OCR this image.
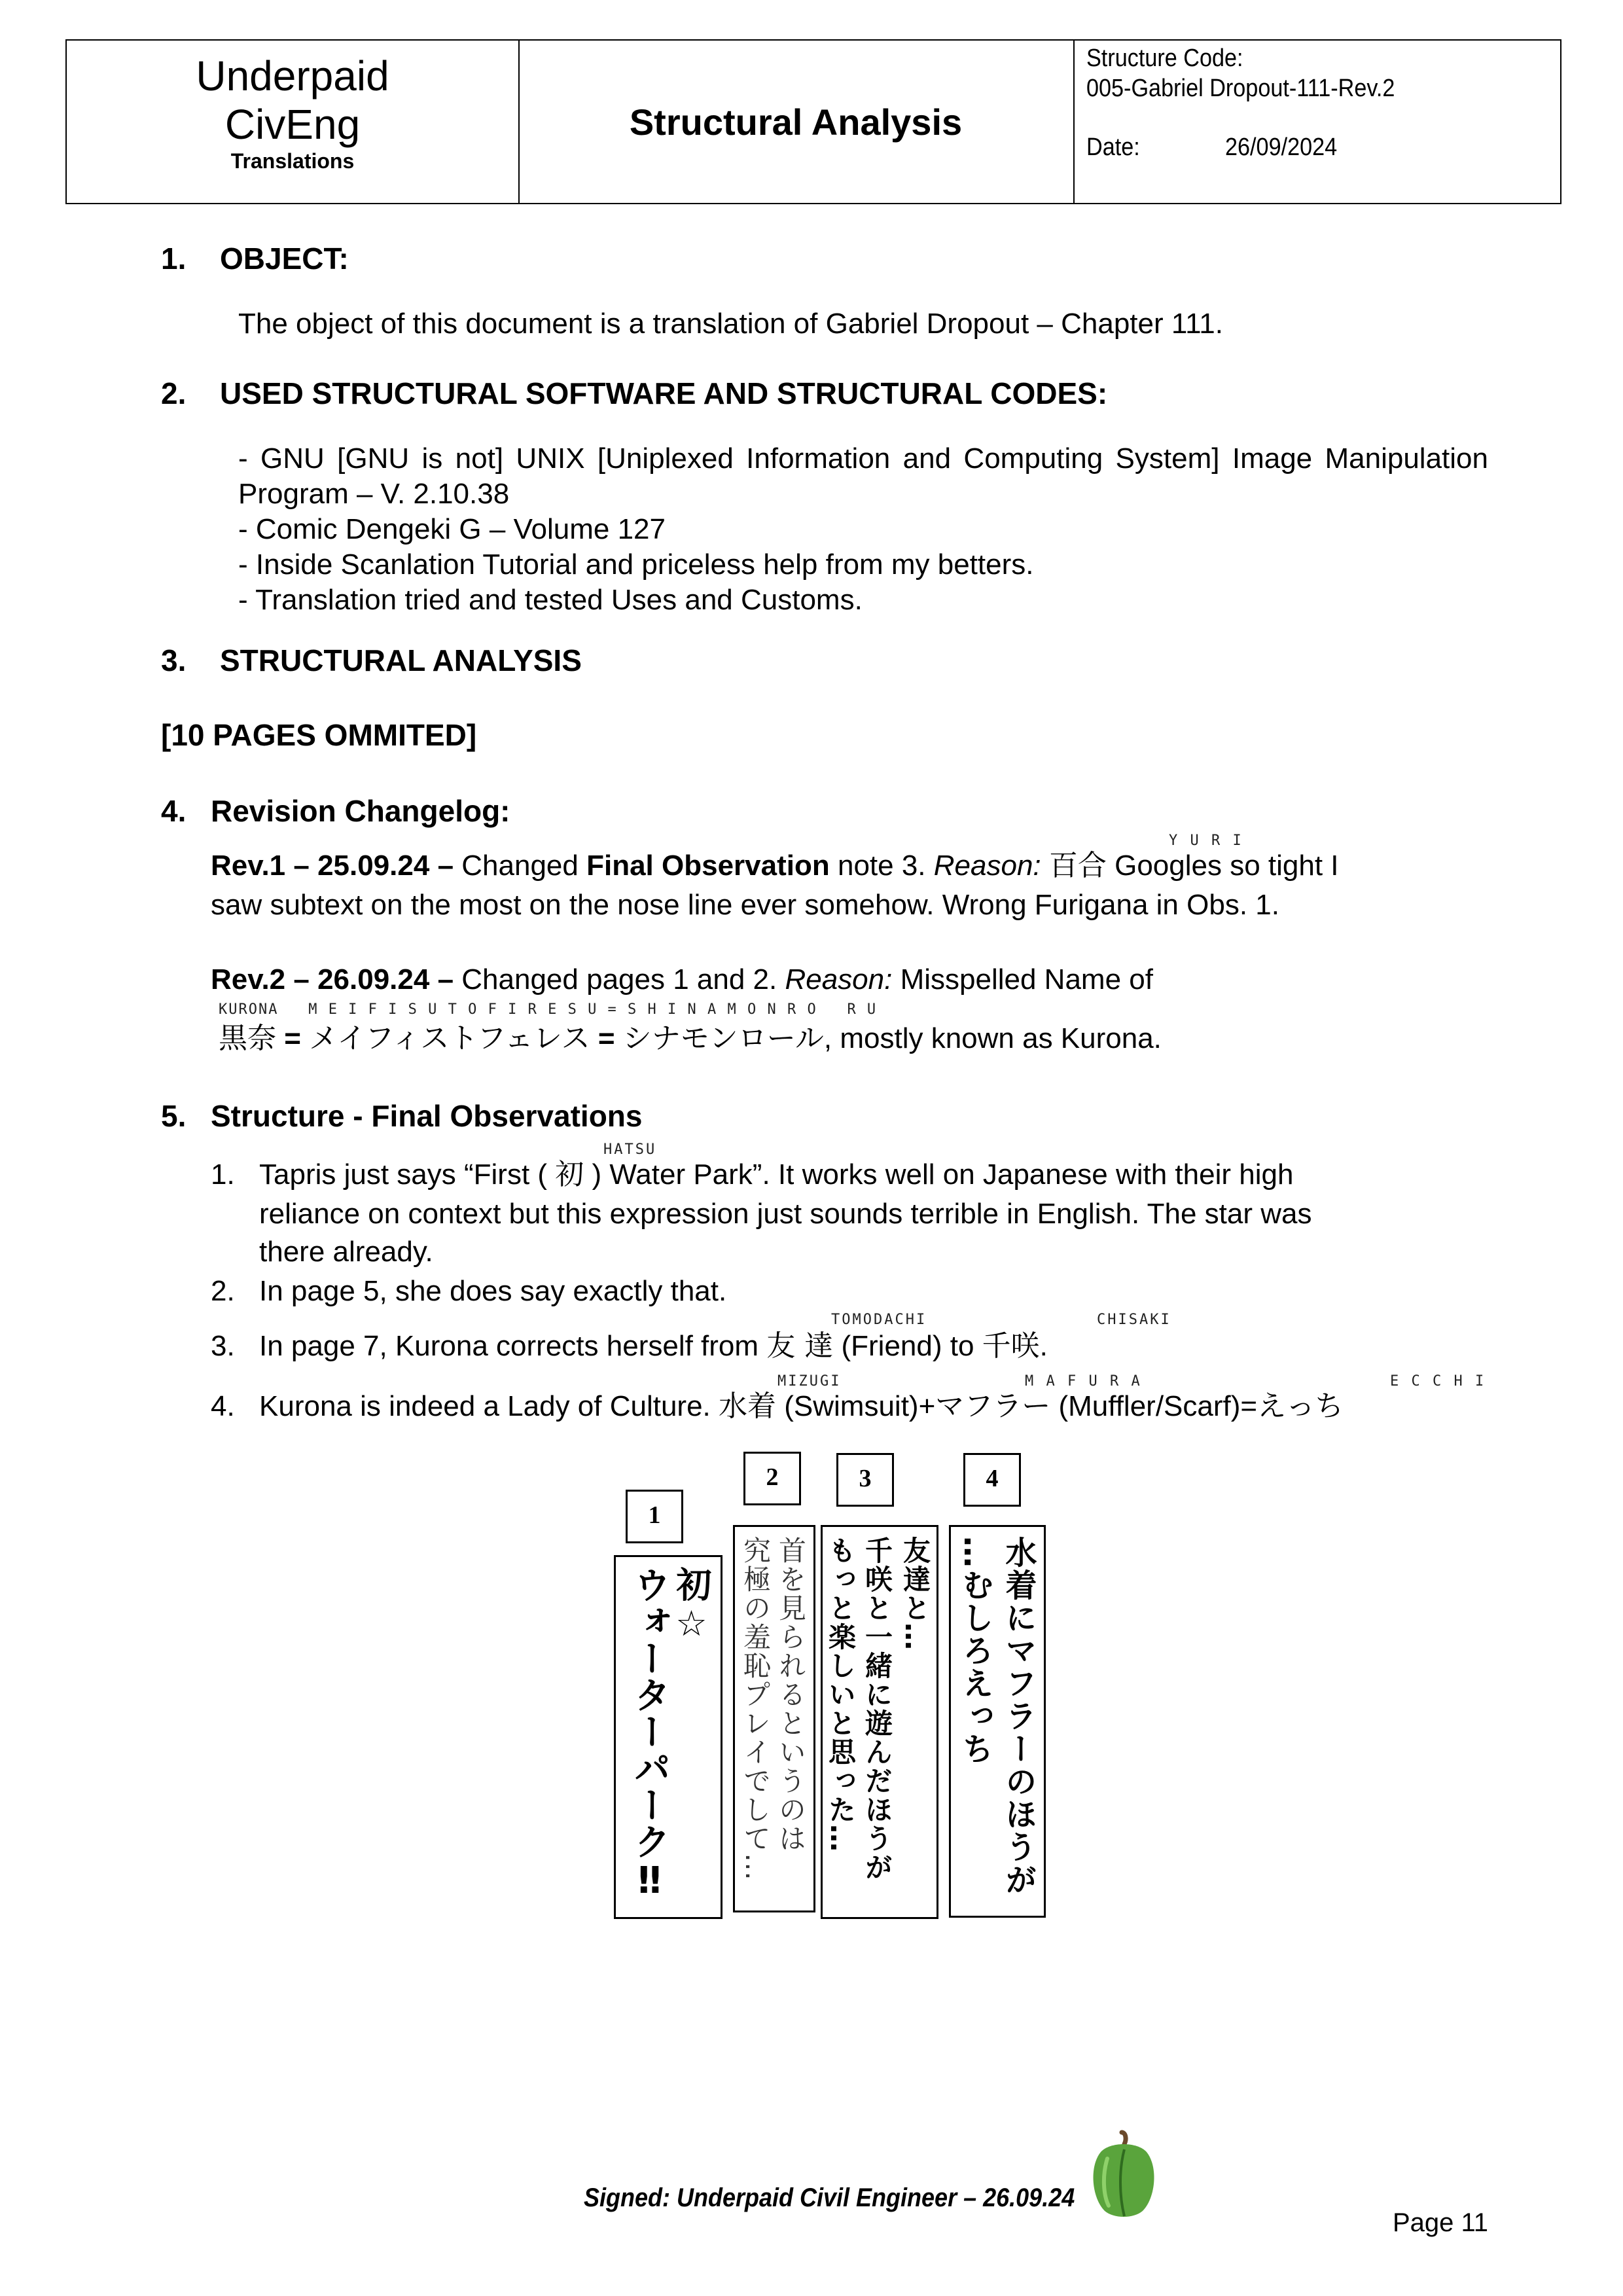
Underpaid
CivEng
Translations
Structural Analysis
Structure Code:
005-Gabriel Dropout-111-Rev.2
Date:	26/09/2024
1. OBJECT:
The object of this document is a translation of Gabriel Dropout – Chapter 111.
2. USED STRUCTURAL SOFTWARE AND STRUCTURAL CODES:
- GNU [GNU is not] UNIX [Uniplexed Information and Computing System] Image Manipulation
Program – V. 2.10.38
- Comic Dengeki G – Volume 127
- Inside Scanlation Tutorial and priceless help from my betters.
- Translation tried and tested Uses and Customs.
3. STRUCTURAL ANALYSIS
[10 PAGES OMMITED]
4. Revision Changelog:
Y U R I
Rev.1 – 25.09.24 – Changed Final Observation note 3. Reason: 百合 Googles so tight I
saw subtext on the most on the nose line ever somehow. Wrong Furigana in Obs. 1.
Rev.2 – 26.09.24 – Changed pages 1 and 2. Reason: Misspelled Name of
KURONA   M E I F I S U T O F I R E S U = S H I N A M O N R O   R U
黒奈 = メイフィストフェレス = シナモンロール, mostly known as Kurona.
5. Structure - Final Observations
HATSU
1. Tapris just says “First ( 初 ) Water Park”. It works well on Japanese with their high
reliance on context but this expression just sounds terrible in English. The star was
there already.
2. In page 5, she does say exactly that.
TOMODACHI	CHISAKI
3. In page 7, Kurona corrects herself from 友 達 (Friend) to 千咲.
MIZUGI	M A F U R A	E C C H I
4. Kurona is indeed a Lady of Culture. 水着 (Swimsuit)+マフラー (Muffler/Scarf)=えっち
1
2	3	4
初☆
ウォーターパーク‼	首を見られるというのは
究極の羞恥プレイでして…	友達と…
千咲と一緒に遊んだほうが
もっと楽しいと思った…	水着にマフラーのほうが
…むしろえっち
Signed: Underpaid Civil Engineer – 26.09.24
Page 11
